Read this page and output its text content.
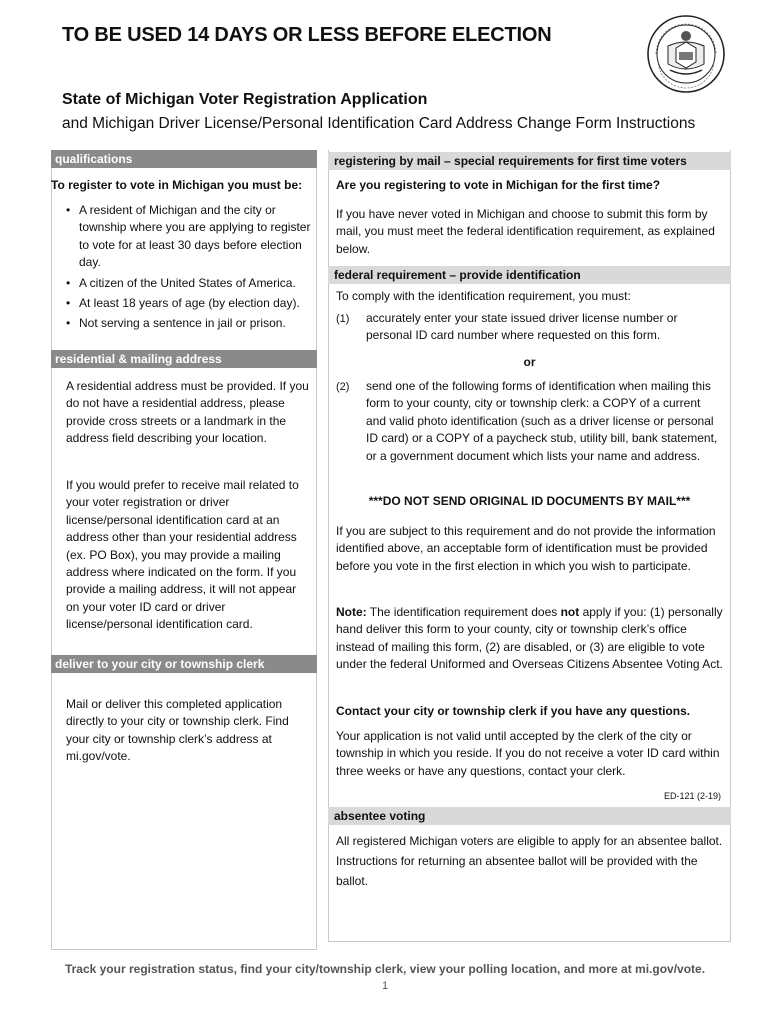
TO BE USED 14 DAYS OR LESS BEFORE ELECTION
State of Michigan Voter Registration Application
and Michigan Driver License/Personal Identification Card Address Change Form Instructions
qualifications
To register to vote in Michigan you must be:
• A resident of Michigan and the city or township where you are applying to register to vote for at least 30 days before election day.
• A citizen of the United States of America.
• At least 18 years of age (by election day).
• Not serving a sentence in jail or prison.
residential & mailing address
A residential address must be provided. If you do not have a residential address, please provide cross streets or a landmark in the address field describing your location.
If you would prefer to receive mail related to your voter registration or driver license/personal identification card at an address other than your residential address (ex. PO Box), you may provide a mailing address where indicated on the form. If you provide a mailing address, it will not appear on your voter ID card or driver license/personal identification card.
deliver to your city or township clerk
Mail or deliver this completed application directly to your city or township clerk. Find your city or township clerk’s address at mi.gov/vote.
registering by mail – special requirements for first time voters
Are you registering to vote in Michigan for the first time?
If you have never voted in Michigan and choose to submit this form by mail, you must meet the federal identification requirement, as explained below.
federal requirement – provide identification
To comply with the identification requirement, you must:
(1) accurately enter your state issued driver license number or personal ID card number where requested on this form.
or
(2) send one of the following forms of identification when mailing this form to your county, city or township clerk: a COPY of a current and valid photo identification (such as a driver license or personal ID card) or a COPY of a paycheck stub, utility bill, bank statement, or a government document which lists your name and address.
***DO NOT SEND ORIGINAL ID DOCUMENTS BY MAIL***
If you are subject to this requirement and do not provide the information identified above, an acceptable form of identification must be provided before you vote in the first election in which you wish to participate.
Note: The identification requirement does not apply if you: (1) personally hand deliver this form to your county, city or township clerk’s office instead of mailing this form, (2) are disabled, or (3) are eligible to vote under the federal Uniformed and Overseas Citizens Absentee Voting Act.
Contact your city or township clerk if you have any questions.
Your application is not valid until accepted by the clerk of the city or township in which you reside. If you do not receive a voter ID card within three weeks or have any questions, contact your clerk.
ED-121 (2-19)
absentee voting
All registered Michigan voters are eligible to apply for an absentee ballot. Instructions for returning an absentee ballot will be provided with the ballot.
Track your registration status, find your city/township clerk, view your polling location, and more at mi.gov/vote.
1
